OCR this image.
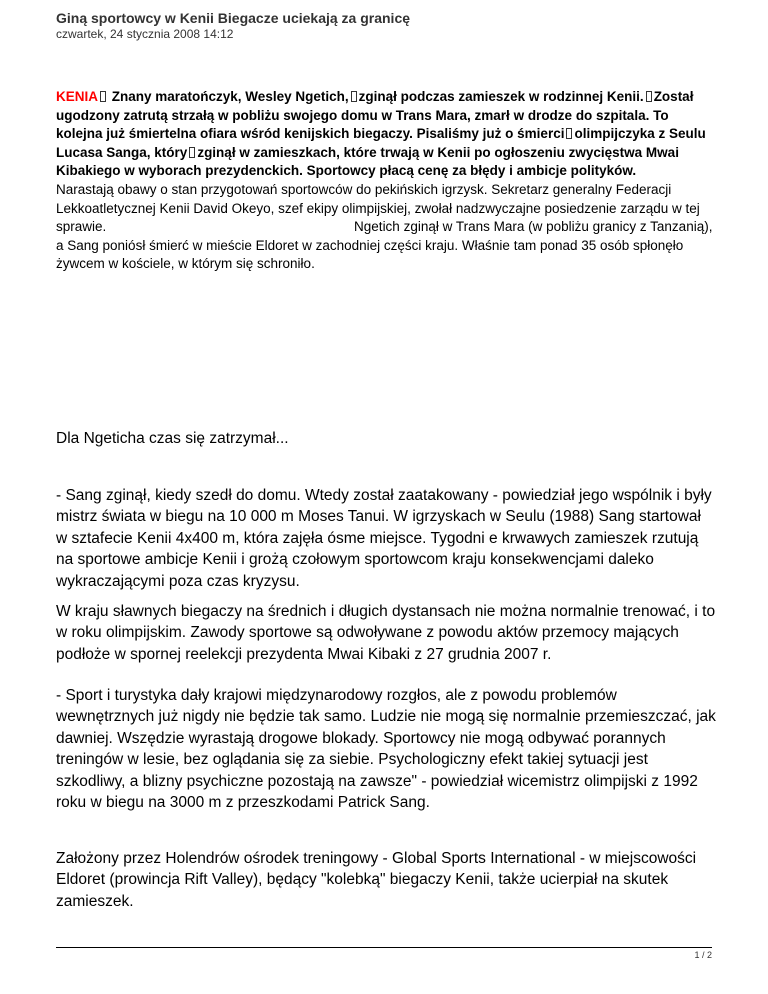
Giną sportowcy w Kenii Biegacze uciekają za granicę
czwartek, 24 stycznia 2008 14:12
KENIA Znany maratończyk, Wesley Ngetich, zginął podczas zamieszek w rodzinnej Kenii. Został ugodzony zatrutą strzałą w pobliżu swojego domu w Trans Mara, zmarł w drodze do szpitala. To kolejna już śmiertelna ofiara wśród kenijskich biegaczy. Pisaliśmy już o śmierci olimpijczyka z Seulu Lucasa Sanga, który zginął w zamieszkach, które trwają w Kenii po ogłoszeniu zwycięstwa Mwai Kibakiego w wyborach prezydenckich. Sportowcy płacą cenę za błędy i ambicje polityków.Narastają obawy o stan przygotowań sportowców do pekińskich igrzysk. Sekretarz generalny Federacji Lekkoatletycznej Kenii David Okeyo, szef ekipy olimpijskiej, zwołał nadzwyczajne posiedzenie zarządu w tej sprawie.	Ngetich zginął w Trans Mara (w pobliżu granicy z Tanzanią), a Sang poniósł śmierć w mieście Eldoret w zachodniej części kraju. Właśnie tam ponad 35 osób spłonęło żywcem w kościele, w którym się schroniło.

Dla Ngeticha czas się zatrzymał...

- Sang zginął, kiedy szedł do domu. Wtedy został zaatakowany - powiedział jego wspólnik i były mistrz świata w biegu na 10 000 m Moses Tanui. W igrzyskach w Seulu (1988) Sang startował w sztafecie Kenii 4x400 m, która zajęła ósme miejsce. Tygodni e krwawych zamieszek rzutują na sportowe ambicje Kenii i grożą czołowym sportowcom kraju konsekwencjami daleko wykraczającymi poza czas kryzysu.

W kraju sławnych biegaczy na średnich i długich dystansach nie można normalnie trenować, i to w roku olimpijskim. Zawody sportowe są odwoływane z powodu aktów przemocy mających podłoże w spornej reelekcji prezydenta Mwai Kibaki z 27 grudnia 2007 r.

- Sport i turystyka dały krajowi międzynarodowy rozgłos, ale z powodu problemów wewnętrznych już nigdy nie będzie tak samo. Ludzie nie mogą się normalnie przemieszczać, jak dawniej. Wszędzie wyrastają drogowe blokady. Sportowcy nie mogą odbywać porannych treningów w lesie, bez oglądania się za siebie. Psychologiczny efekt takiej sytuacji jest szkodliwy, a blizny psychiczne pozostają na zawsze" - powiedział wicemistrz olimpijski z 1992 roku w biegu na 3000 m z przeszkodami Patrick Sang.

Założony przez Holendrów ośrodek treningowy - Global Sports International - w miejscowości Eldoret (prowincja Rift Valley), będący "kolebką" biegaczy Kenii, także ucierpiał na skutek zamieszek.

1 / 2
